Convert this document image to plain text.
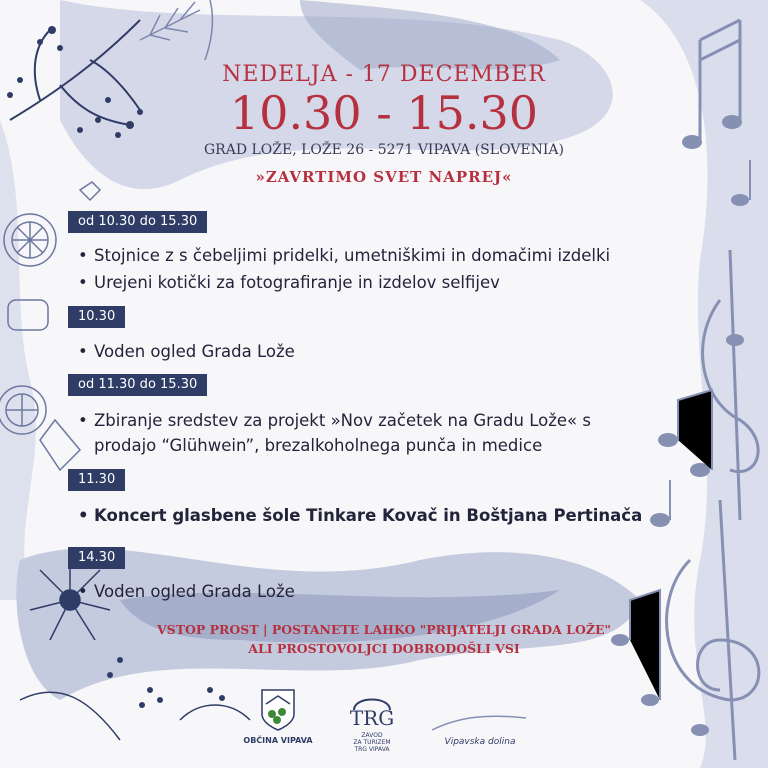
NEDELJA - 17 DECEMBER
10.30 - 15.30
GRAD LOŽE, LOŽE 26 - 5271 VIPAVA (SLOVENIA)
»ZAVRTIMO SVET NAPREJ«
od 10.30 do 15.30
• Stojnice z s čebeljimi pridelki, umetniškimi in domačimi izdelki
• Urejeni kotički za fotografiranje in izdelov selfijev
10.30
• Voden ogled Grada Lože
od 11.30 do 15.30
• Zbiranje sredstev za projekt »Nov začetek na Gradu Lože« s prodajo “Glühwein”, brezalkoholnega punča in medice
11.30
• Koncert glasbene šole Tinkare Kovač in Boštjana Pertinača
14.30
• Voden ogled Grada Lože
VSTOP PROST | POSTANETE LAHKO "PRIJATELJI GRADA LOŽE"
ALI PROSTOVOLJCI DOBRODOŠLI VSI
OBČINA VIPAVA
TRG
ZAVOD
ZA TURIZEM
TRG VIPAVA
Vipavska dolina
